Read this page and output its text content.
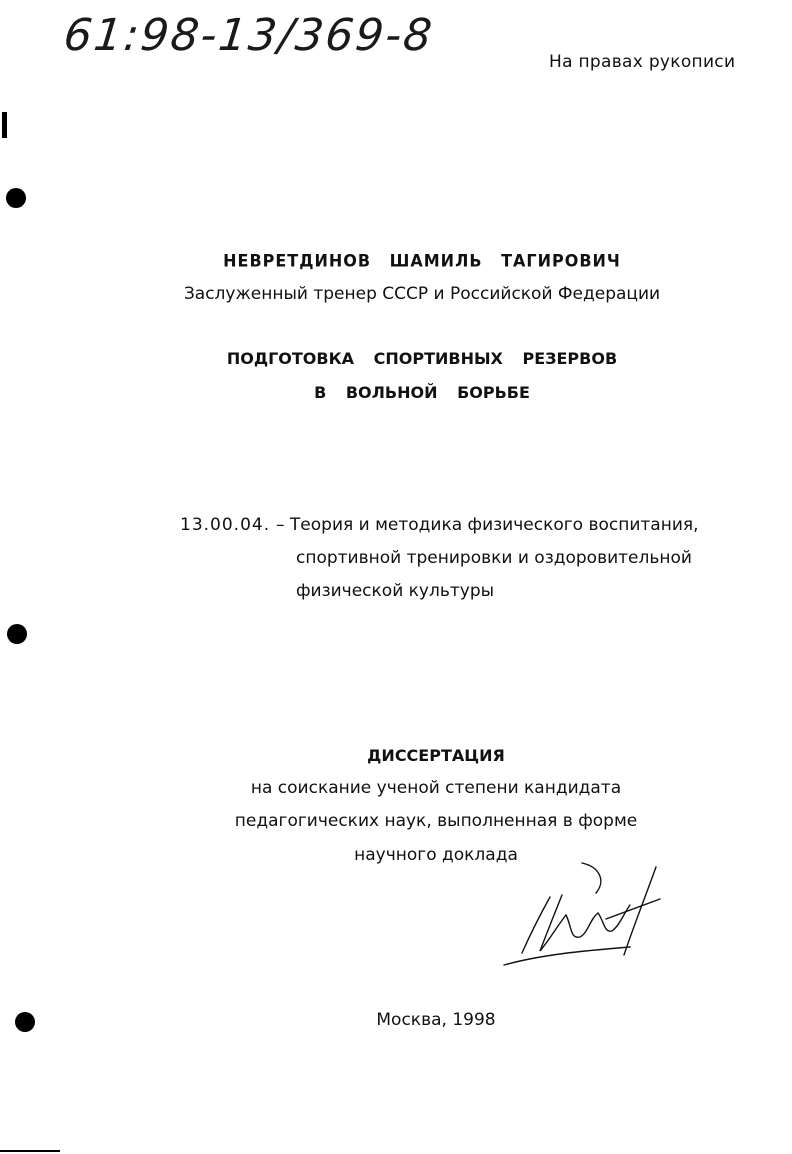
61:98-13/369-8
На правах рукописи
НЕВРЕТДИНОВ ШАМИЛЬ ТАГИРОВИЧ
Заслуженный тренер СССР и Российской Федерации
ПОДГОТОВКА СПОРТИВНЫХ РЕЗЕРВОВ
В ВОЛЬНОЙ БОРЬБЕ
13.00.04. – Теория и методика физического воспитания,
спортивной тренировки и оздоровительной
физической культуры
ДИССЕРТАЦИЯ
на соискание ученой степени кандидата
педагогических наук, выполненная в форме
научного доклада
Москва, 1998
